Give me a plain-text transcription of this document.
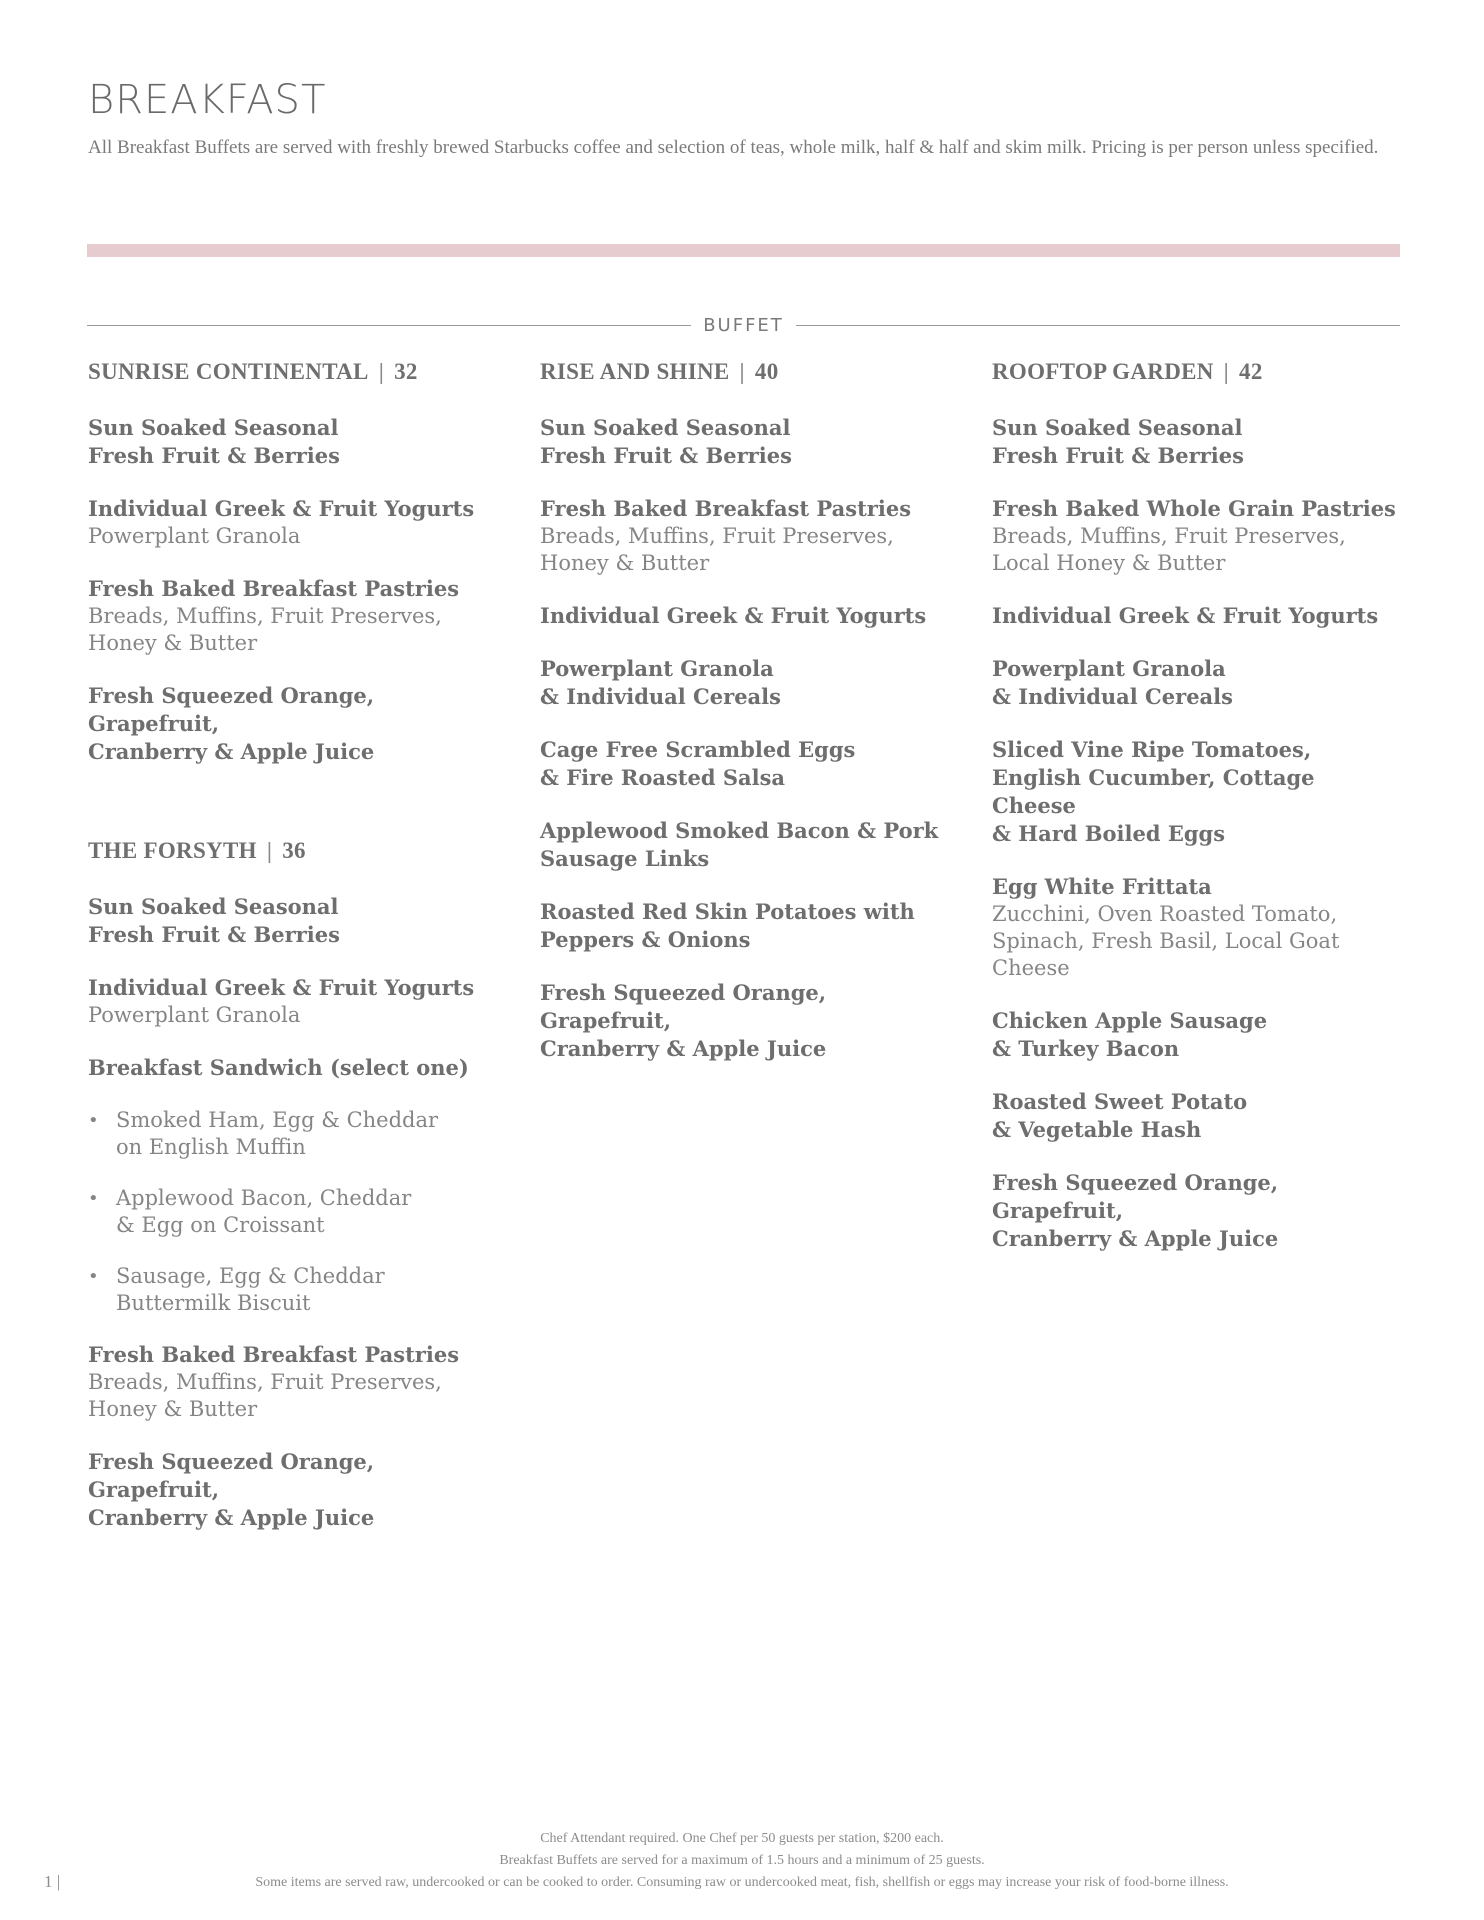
BREAKFAST

All Breakfast Buffets are served with freshly brewed Starbucks coffee and selection of teas, whole milk, half & half and skim milk. Pricing is per person unless specified.

BUFFET
SUNRISE CONTINENTAL | 32

Sun Soaked Seasonal
Fresh Fruit & Berries

Individual Greek & Fruit Yogurts

Powerplant Granola

Fresh Baked Breakfast Pastries

Breads, Muffins, Fruit Preserves,
Honey & Butter

Fresh Squeezed Orange, Grapefruit,
Cranberry & Apple Juice

THE FORSYTH | 36

Sun Soaked Seasonal
Fresh Fruit & Berries

Individual Greek & Fruit Yogurts

Powerplant Granola

Breakfast Sandwich (select one)

• Smoked Ham, Egg & Cheddar
on English Muffin
• Applewood Bacon, Cheddar
& Egg on Croissant
• Sausage, Egg & Cheddar
Buttermilk Biscuit

Fresh Baked Breakfast Pastries

Breads, Muffins, Fruit Preserves,
Honey & Butter

Fresh Squeezed Orange, Grapefruit,
Cranberry & Apple Juice

RISE AND SHINE | 40

Sun Soaked Seasonal
Fresh Fruit & Berries

Fresh Baked Breakfast Pastries

Breads, Muffins, Fruit Preserves,
Honey & Butter

Individual Greek & Fruit Yogurts

Powerplant Granola
& Individual Cereals

Cage Free Scrambled Eggs
& Fire Roasted Salsa

Applewood Smoked Bacon & Pork
Sausage Links

Roasted Red Skin Potatoes with
Peppers & Onions

Fresh Squeezed Orange, Grapefruit,
Cranberry & Apple Juice

ROOFTOP GARDEN | 42

Sun Soaked Seasonal
Fresh Fruit & Berries

Fresh Baked Whole Grain Pastries

Breads, Muffins, Fruit Preserves,
Local Honey & Butter

Individual Greek & Fruit Yogurts

Powerplant Granola
& Individual Cereals

Sliced Vine Ripe Tomatoes,
English Cucumber, Cottage Cheese
& Hard Boiled Eggs

Egg White Frittata

Zucchini, Oven Roasted Tomato,
Spinach, Fresh Basil, Local Goat Cheese

Chicken Apple Sausage
& Turkey Bacon

Roasted Sweet Potato
& Vegetable Hash

Fresh Squeezed Orange, Grapefruit,
Cranberry & Apple Juice

Chef Attendant required. One Chef per 50 guests per station, $200 each.
Breakfast Buffets are served for a maximum of 1.5 hours and a minimum of 25 guests.
Some items are served raw, undercooked or can be cooked to order. Consuming raw or undercooked meat, fish, shellfish or eggs may increase your risk of food-borne illness.
1 |
